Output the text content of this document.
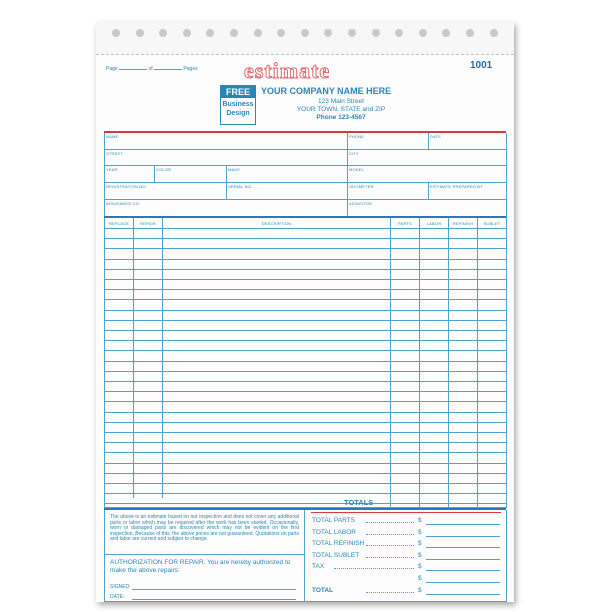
Page	of	Pages estimate	1001
FREE
Business
Design
YOUR COMPANY NAME HERE
123 Main Street
YOUR TOWN, STATE and ZIP
Phone 123-4567
NAME	PHONE	DATE
STREET	CITY
YEAR	COLOR	MAKE	MODEL
REGISTRATION NO.	SERIAL NO.	ODOMETER	ESTIMATE PREPARED BY
INSURANCE CO.	ADJUSTOR
REPLACE	REPAIR	DESCRIPTION	PARTS	LABOR	REFINISH	SUBLET
TOTALS
The above is an estimate based on our inspection and does not cover any additional parts or labor which may be required after the work has been started. Occasionally, worn or damaged parts are discovered which may not be evident on the first inspection. Because of this, the above prices are not guaranteed. Quotations on parts and labor are current and subject to change.
AUTHORIZATION FOR REPAIR. You are hereby authorized to make the above repairs:
SIGNED:
DATE:
TOTAL PARTS	$
TOTAL LABOR	$
TOTAL REFINISH	$
TOTAL SUBLET	$
TAX	$
$
TOTAL	$
